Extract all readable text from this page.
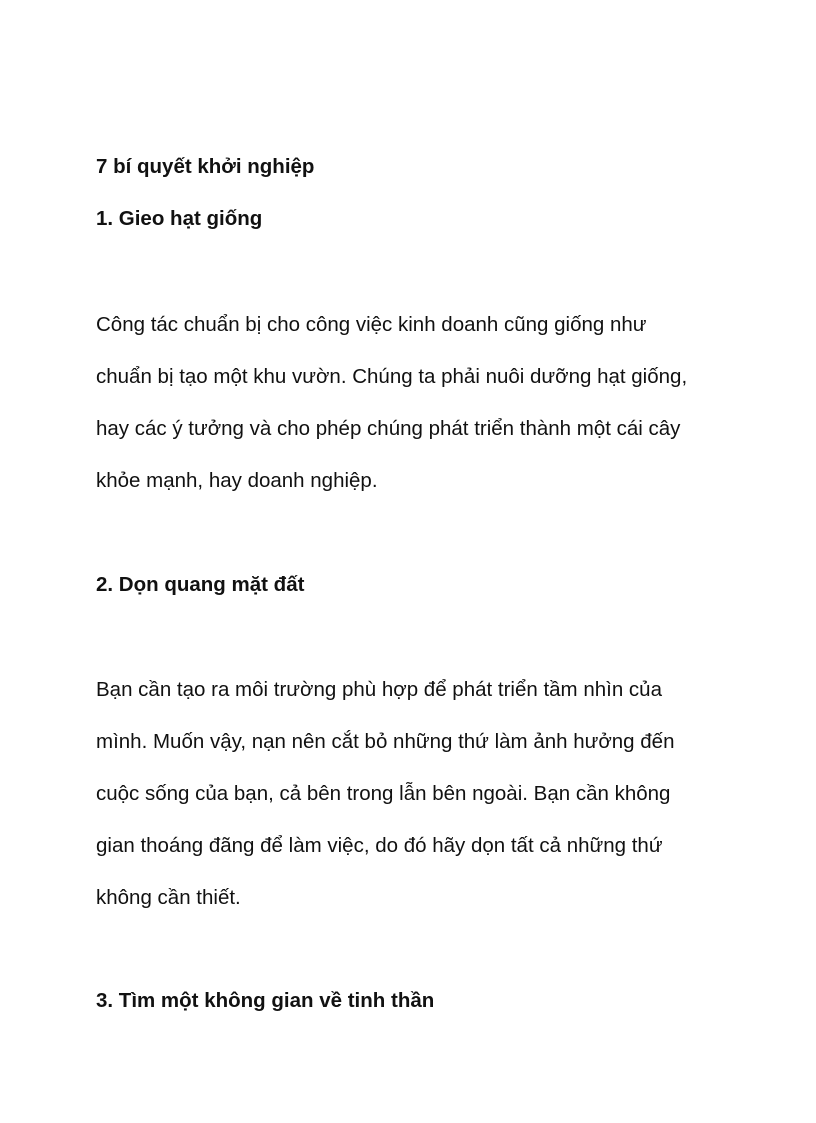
7 bí quyết khởi nghiệp
1. Gieo hạt giống

Công tác chuẩn bị cho công việc kinh doanh cũng giống như

chuẩn bị tạo một khu vườn. Chúng ta phải nuôi dưỡng hạt giống,

hay các ý tưởng và cho phép chúng phát triển thành một cái cây

khỏe mạnh, hay doanh nghiệp.

2. Dọn quang mặt đất

Bạn cần tạo ra môi trường phù hợp để phát triển tầm nhìn của

mình. Muốn vậy, nạn nên cắt bỏ những thứ làm ảnh hưởng đến

cuộc sống của bạn, cả bên trong lẫn bên ngoài. Bạn cần không

gian thoáng đãng để làm việc, do đó hãy dọn tất cả những thứ

không cần thiết.

3. Tìm một không gian về tinh thần
